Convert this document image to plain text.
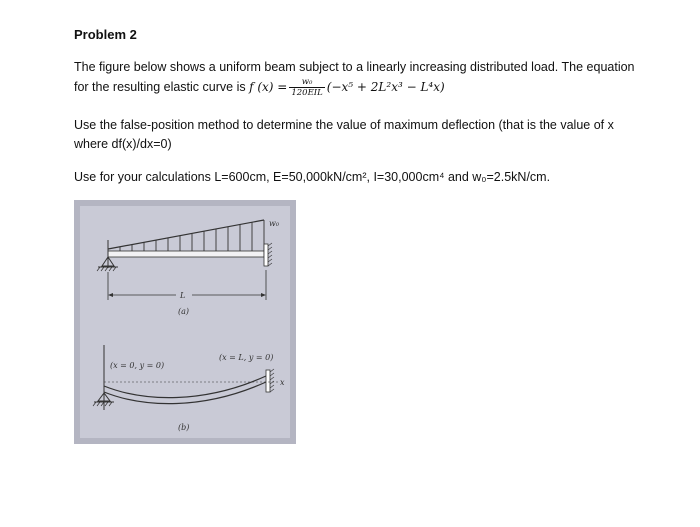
Problem 2
The figure below shows a uniform beam subject to a linearly increasing distributed load. The equation
for the resulting elastic curve is f $(x) = \frac{\text{w₀}}{\text{120EIL}} (-x^5 + 2L^2x^3 - L^4x)$
Use the false-position method to determine the value of maximum deflection (that is the value of x
where df(x)/dx=0)
Use for your calculations L=600cm, E=50,000kN/cm², I=30,000cm⁴ and w₀=2.5kN/cm.
w₀
L
(a)
(x = 0, y = 0)
(x = L, y = 0)
x
(b)
